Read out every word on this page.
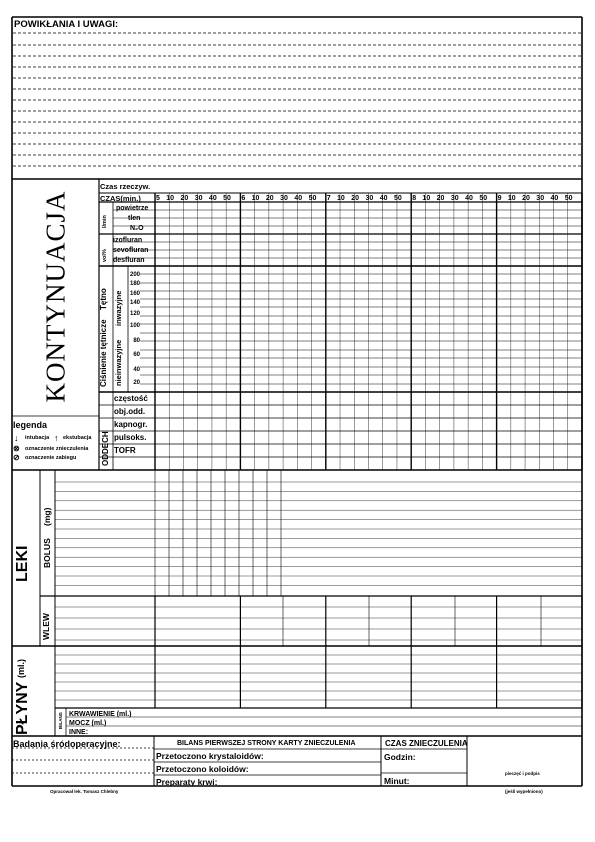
POWIKŁANIA I UWAGI:
KONTYNUACJA
Czas rzeczyw.
CZAS(min.) 5 10 20 30 40 50 6 10 20 30 40 50 7 10 20 30 40 50 8 10 20 30 40 50 9 10 20 30 40 50
l/min
powietrze
tlen
N₂O
vol%
izofluran
sevofluran
desfluran
Ciśnienie tętnicze
Tętno inwazyjne
nieinwazyjne
200
180
160
140
120
100
80
60
40
20
ODDECH
częstość
obj.odd.
kapnogr.
pulsoks.
TOFR
legenda
↓ intubacja ↑ ekstubacja
⊗ oznaczenie znieczulenia
⊘ oznaczenie zabiegu
LEKI BOLUS
(mg)
WLEW
PŁYNY
(ml.)
BILANS KRWAWIENIE (ml.)
MOCZ (ml.)
INNE:
Badania śródoperacyjne:	BILANS PIERWSZEJ STRONY KARTY ZNIECZULENIA
Przetoczono krystaloidów:
Przetoczono koloidów:
Preparaty krwi:
CZAS ZNIECZULENIA
Godzin:
Minut:
pieczęć i podpis
(jeśli wypełniono)
Opracował lek. Tomasz Chlebny
